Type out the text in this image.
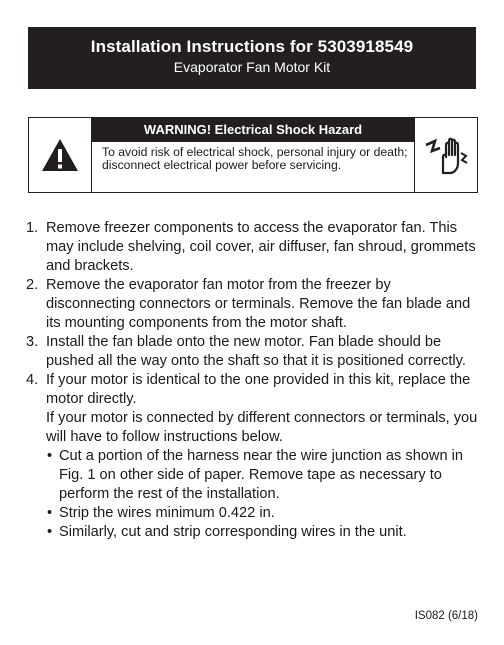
Installation Instructions for 5303918549
Evaporator Fan Motor Kit
WARNING! Electrical Shock Hazard
To avoid risk of electrical shock, personal injury or death; disconnect electrical power before servicing.
1. Remove freezer components to access the evaporator fan. This may include shelving, coil cover, air diffuser, fan shroud, grommets and brackets.

2. Remove the evaporator fan motor from the freezer by disconnecting connectors or terminals. Remove the fan blade and its mounting components from the motor shaft.

3. Install the fan blade onto the new motor. Fan blade should be pushed all the way onto the shaft so that it is positioned correctly.

4. If your motor is identical to the one provided in this kit, replace the motor directly.

If your motor is connected by different connectors or terminals, you will have to follow instructions below.

• Cut a portion of the harness near the wire junction as shown in Fig. 1 on other side of paper. Remove tape as necessary to perform the rest of the installation.
• Strip the wires minimum 0.422 in.
• Similarly, cut and strip corresponding wires in the unit.
IS082 (6/18)
